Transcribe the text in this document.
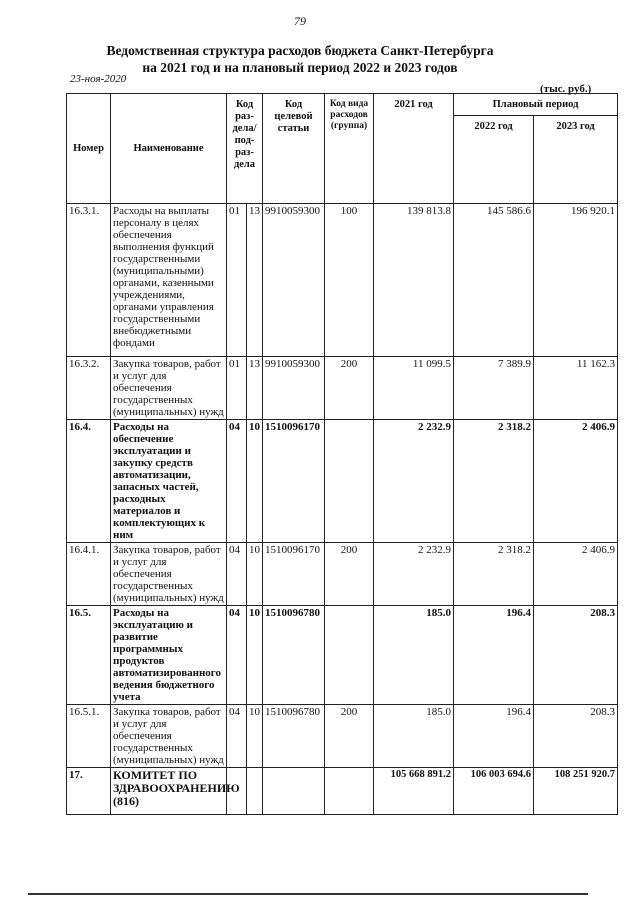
79
Ведомственная структура расходов бюджета Санкт-Петербурга
на 2021 год и на плановый период 2022 и 2023 годов
23-ноя-2020
(тыс. руб.)
Номер	Наименование	Код раз- дела/ под- раз- дела		Код целевой статьи	Код вида расходов (группа)	2021 год	Плановый период	
							2022 год	2023 год
16.3.1.	Расходы на выплаты персоналу в целях обеспечения выполнения функций государственными (муниципальными) органами, казенными учреждениями, органами управления государственными внебюджетными фондами	01	13	9910059300	100	139 813.8	145 586.6	196 920.1
16.3.2.	Закупка товаров, работ и услуг для обеспечения государственных (муниципальных) нужд	01	13	9910059300	200	11 099.5	7 389.9	11 162.3
16.4.	Расходы на обеспечение эксплуатации и закупку средств автоматизации, запасных частей, расходных материалов и комплектующих к ним	04	10	1510096170		2 232.9	2 318.2	2 406.9
16.4.1.	Закупка товаров, работ и услуг для обеспечения государственных (муниципальных) нужд	04	10	1510096170	200	2 232.9	2 318.2	2 406.9
16.5.	Расходы на эксплуатацию и развитие программных продуктов автоматизированного ведения бюджетного учета	04	10	1510096780		185.0	196.4	208.3
16.5.1.	Закупка товаров, работ и услуг для обеспечения государственных (муниципальных) нужд	04	10	1510096780	200	185.0	196.4	208.3
17.	КОМИТЕТ ПО ЗДРАВООХРАНЕНИЮ (816)					105 668 891.2	106 003 694.6	108 251 920.7
